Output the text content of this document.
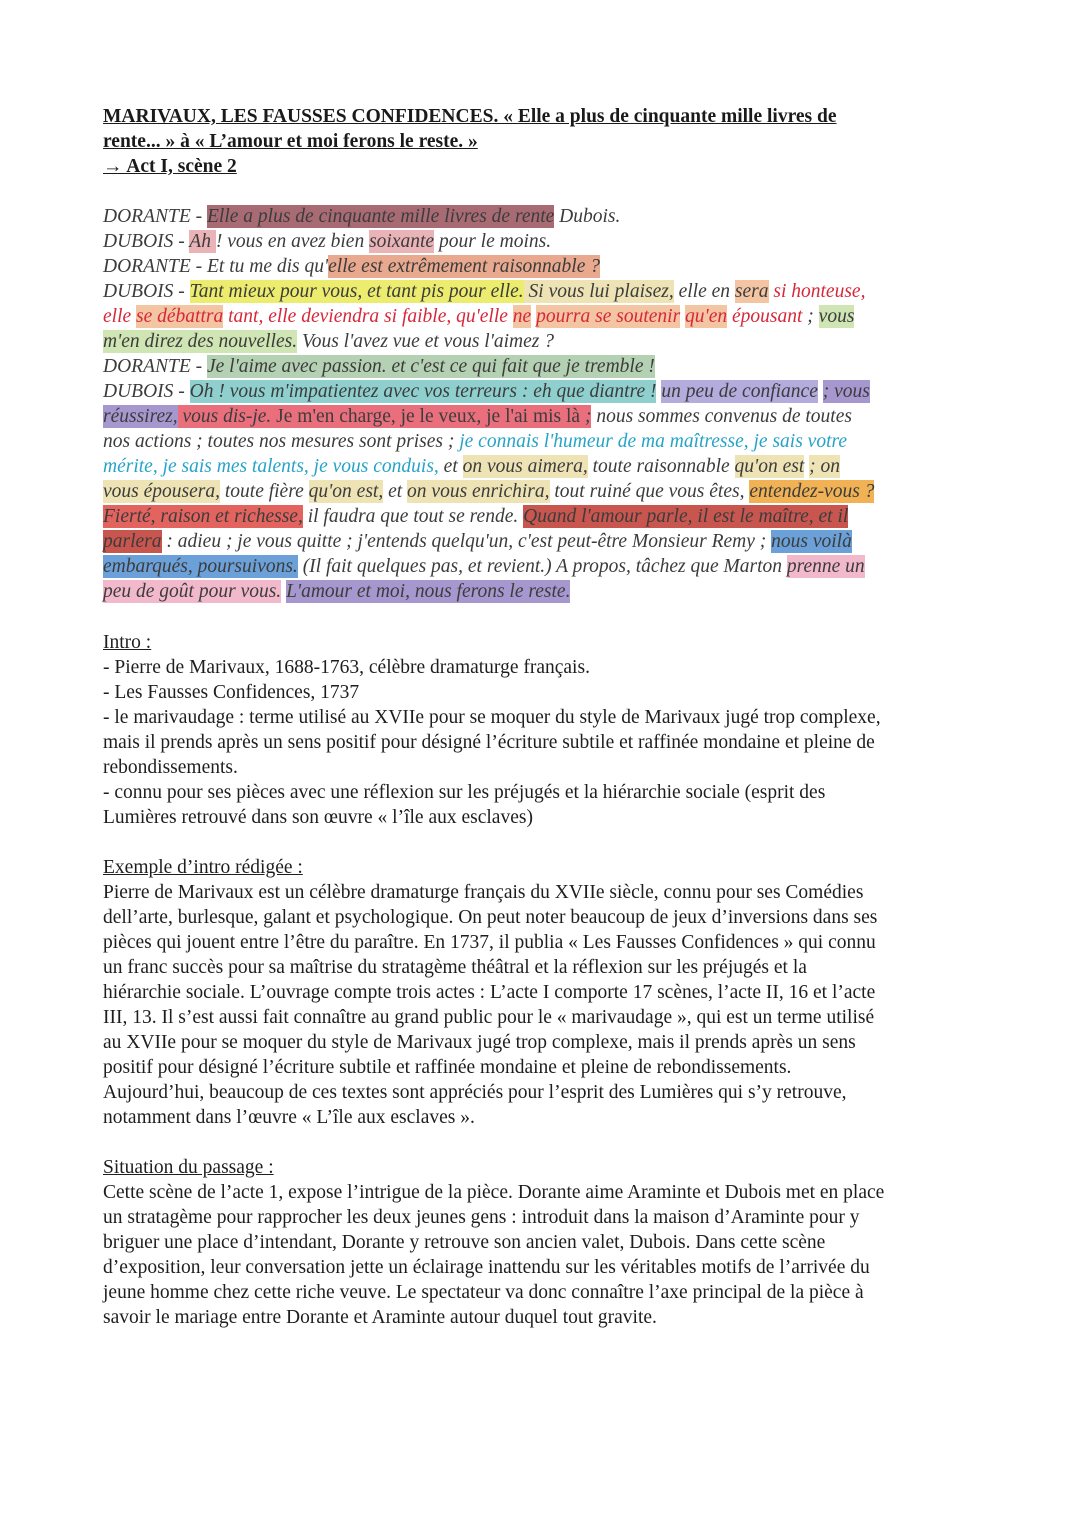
MARIVAUX, LES FAUSSES CONFIDENCES. « Elle a plus de cinquante mille livres de
rente... » à « L’amour et moi ferons le reste. »
→ Act I, scène 2
DORANTE - Elle a plus de cinquante mille livres de rente Dubois.
DUBOIS - Ah ! vous en avez bien soixante pour le moins.
DORANTE - Et tu me dis qu'elle est extrêmement raisonnable ?
DUBOIS - Tant mieux pour vous, et tant pis pour elle. Si vous lui plaisez, elle en sera si honteuse,
elle se débattra tant, elle deviendra si faible, qu'elle ne pourra se soutenir qu'en épousant ; vous
m'en direz des nouvelles. Vous l'avez vue et vous l'aimez ?
DORANTE - Je l'aime avec passion. et c'est ce qui fait que je tremble !
DUBOIS - Oh ! vous m'impatientez avec vos terreurs : eh que diantre ! un peu de confiance ; vous
réussirez, vous dis-je. Je m'en charge, je le veux, je l'ai mis là ; nous sommes convenus de toutes
nos actions ; toutes nos mesures sont prises ; je connais l'humeur de ma maîtresse, je sais votre
mérite, je sais mes talents, je vous conduis, et on vous aimera, toute raisonnable qu'on est ; on
vous épousera, toute fière qu'on est, et on vous enrichira, tout ruiné que vous êtes, entendez-vous ?
Fierté, raison et richesse, il faudra que tout se rende. Quand l'amour parle, il est le maître, et il
parlera : adieu ; je vous quitte ; j'entends quelqu'un, c'est peut-être Monsieur Remy ; nous voilà
embarqués, poursuivons. (Il fait quelques pas, et revient.) A propos, tâchez que Marton prenne un
peu de goût pour vous. L'amour et moi, nous ferons le reste.

Intro :

- Pierre de Marivaux, 1688-1763, célèbre dramaturge français.

- Les Fausses Confidences, 1737

- le marivaudage : terme utilisé au XVIIe pour se moquer du style de Marivaux jugé trop complexe,

mais il prends après un sens positif pour désigné l’écriture subtile et raffinée mondaine et pleine de

rebondissements.

- connu pour ses pièces avec une réflexion sur les préjugés et la hiérarchie sociale (esprit des

Lumières retrouvé dans son œuvre « l’île aux esclaves)

Exemple d’intro rédigée :

Pierre de Marivaux est un célèbre dramaturge français du XVIIe siècle, connu pour ses Comédies

dell’arte, burlesque, galant et psychologique. On peut noter beaucoup de jeux d’inversions dans ses

pièces qui jouent entre l’être du paraître. En 1737, il publia « Les Fausses Confidences » qui connu

un franc succès pour sa maîtrise du stratagème théâtral et la réflexion sur les préjugés et la

hiérarchie sociale. L’ouvrage compte trois actes : L’acte I comporte 17 scènes, l’acte II, 16 et l’acte

III, 13. Il s’est aussi fait connaître au grand public pour le « marivaudage », qui est un terme utilisé

au XVIIe pour se moquer du style de Marivaux jugé trop complexe, mais il prends après un sens

positif pour désigné l’écriture subtile et raffinée mondaine et pleine de rebondissements.

Aujourd’hui, beaucoup de ces textes sont appréciés pour l’esprit des Lumières qui s’y retrouve,

notamment dans l’œuvre « L’île aux esclaves ».

Situation du passage :

Cette scène de l’acte 1, expose l’intrigue de la pièce. Dorante aime Araminte et Dubois met en place

un stratagème pour rapprocher les deux jeunes gens : introduit dans la maison d’Araminte pour y

briguer une place d’intendant, Dorante y retrouve son ancien valet, Dubois. Dans cette scène

d’exposition, leur conversation jette un éclairage inattendu sur les véritables motifs de l’arrivée du

jeune homme chez cette riche veuve. Le spectateur va donc connaître l’axe principal de la pièce à

savoir le mariage entre Dorante et Araminte autour duquel tout gravite.
